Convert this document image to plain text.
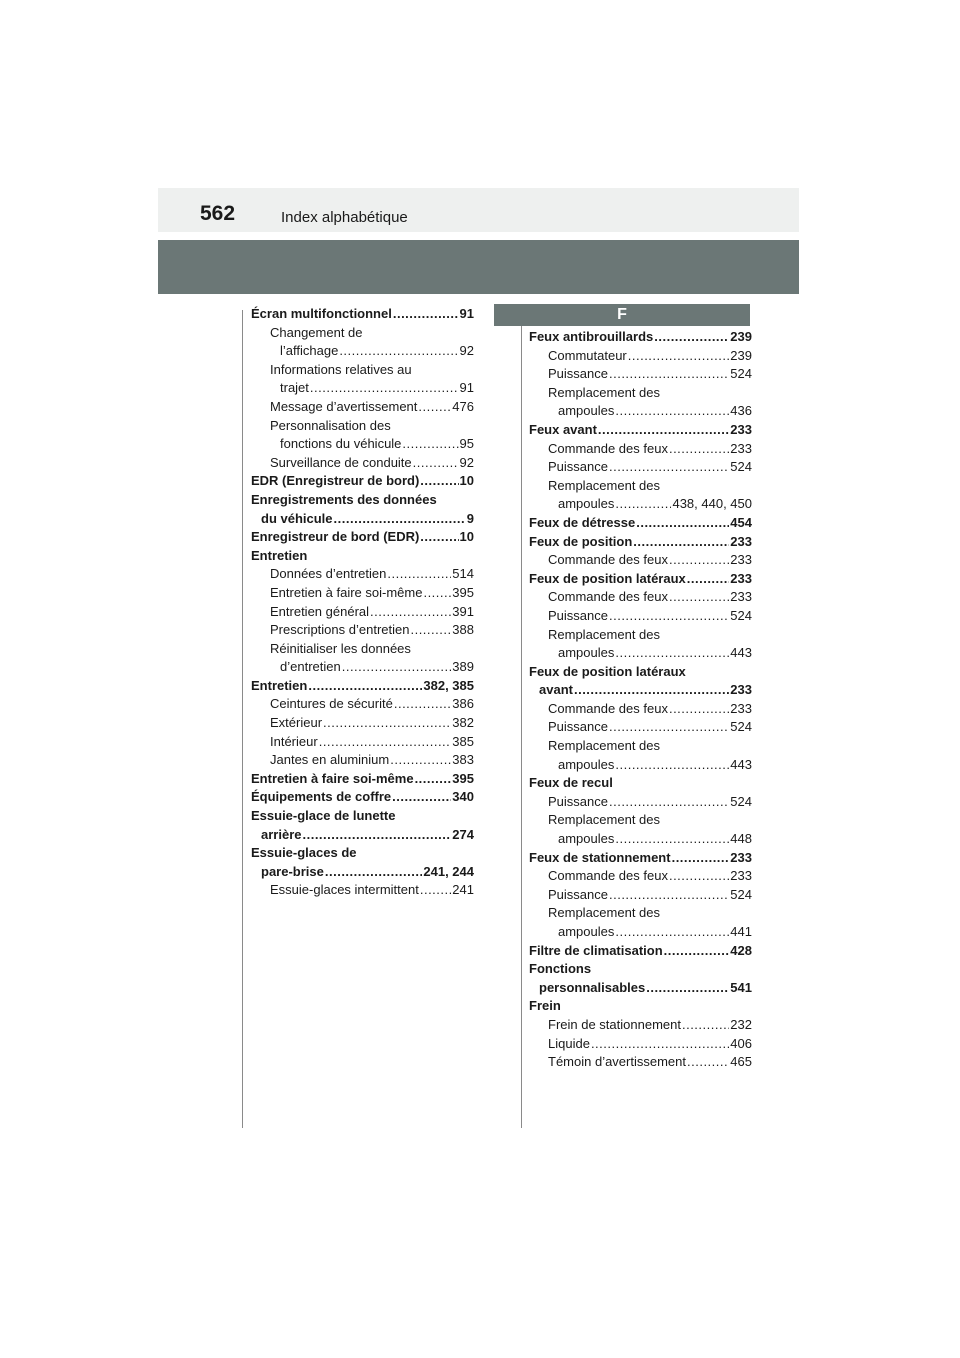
562	Index alphabétique
F
Écran multifonctionnel .....	91
Changement de
l’affichage .....	92
Informations relatives au
trajet .....	91
Message d’avertissement .....	476
Personnalisation des
fonctions du véhicule .....	95
Surveillance de conduite .....	92
EDR (Enregistreur de bord) .....	10
Enregistrements des données
du véhicule .....	9
Enregistreur de bord (EDR) .....	10
Entretien
Données d’entretien .....	514
Entretien à faire soi-même ..... 395
Entretien général .....	391
Prescriptions d’entretien .....	388
Réinitialiser les données
d’entretien .....	389
Entretien .....	382, 385
Ceintures de sécurité .....	386
Extérieur .....	382
Intérieur .....	385
Jantes en aluminium .....	383
Entretien à faire soi-même .....	395
Équipements de coffre .....	340
Essuie-glace de lunette
arrière .....	274
Essuie-glaces de
pare-brise .....	241, 244
Essuie-glaces intermittent .....	241
Feux antibrouillards .....	239
Commutateur .....	239
Puissance .....	524
Remplacement des
ampoules .....	436
Feux avant .....	233
Commande des feux .....	233
Puissance .....	524
Remplacement des
ampoules .....	438, 440, 450
Feux de détresse .....	454
Feux de position .....	233
Commande des feux .....	233
Feux de position latéraux .....	233
Commande des feux .....	233
Puissance .....	524
Remplacement des
ampoules .....	443
Feux de position latéraux
avant .....	233
Commande des feux .....	233
Puissance .....	524
Remplacement des
ampoules .....	443
Feux de recul
Puissance .....	524
Remplacement des
ampoules .....	448
Feux de stationnement .....	233
Commande des feux .....	233
Puissance .....	524
Remplacement des
ampoules .....	441
Filtre de climatisation .....	428
Fonctions
personnalisables .....	541
Frein
Frein de stationnement .....	232
Liquide .....	406
Témoin d’avertissement .....	465
